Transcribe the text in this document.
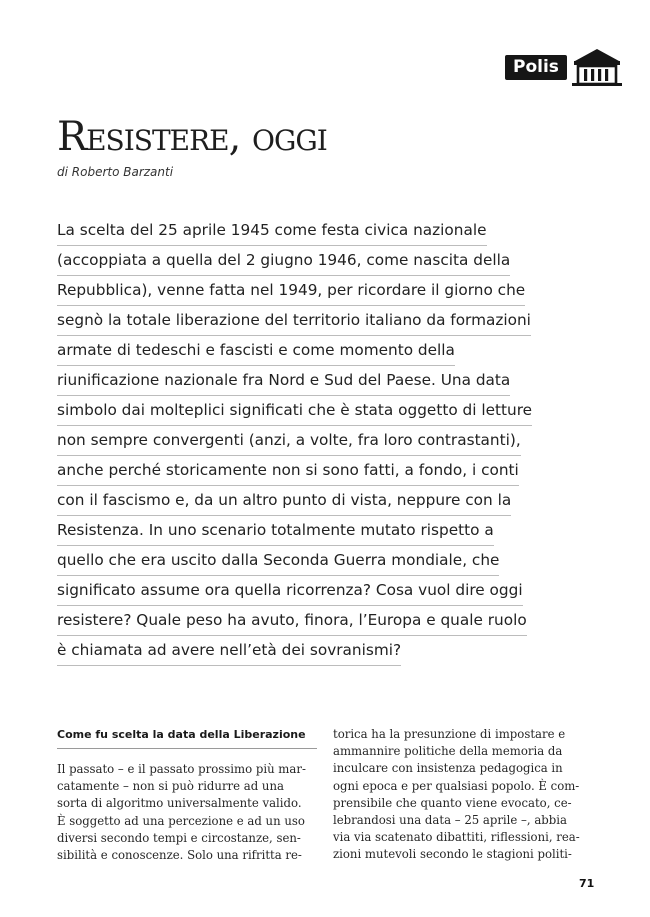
Polis
Resistere, oggi

di Roberto Barzanti

La scelta del 25 aprile 1945 come festa civica nazionale
(accoppiata a quella del 2 giugno 1946, come nascita della
Repubblica), venne fatta nel 1949, per ricordare il giorno che
segnò la totale liberazione del territorio italiano da formazioni
armate di tedeschi e fascisti e come momento della
riunificazione nazionale fra Nord e Sud del Paese. Una data
simbolo dai molteplici significati che è stata oggetto di letture
non sempre convergenti (anzi, a volte, fra loro contrastanti),
anche perché storicamente non si sono fatti, a fondo, i conti
con il fascismo e, da un altro punto di vista, neppure con la
Resistenza. In uno scenario totalmente mutato rispetto a
quello che era uscito dalla Seconda Guerra mondiale, che
significato assume ora quella ricorrenza? Cosa vuol dire oggi
resistere? Quale peso ha avuto, finora, l’Europa e quale ruolo
è chiamata ad avere nell’età dei sovranismi?
Come fu scelta la data della Liberazione
Il passato – e il passato prossimo più mar-
catamente – non si può ridurre ad una
sorta di algoritmo universalmente valido.
È soggetto ad una percezione e ad un uso
diversi secondo tempi e circostanze, sen-
sibilità e conoscenze. Solo una rifritta re-
torica ha la presunzione di impostare e
ammannire politiche della memoria da
inculcare con insistenza pedagogica in
ogni epoca e per qualsiasi popolo. È com-
prensibile che quanto viene evocato, ce-
lebrandosi una data – 25 aprile –, abbia
via via scatenato dibattiti, riflessioni, rea-
zioni mutevoli secondo le stagioni politi-
71
